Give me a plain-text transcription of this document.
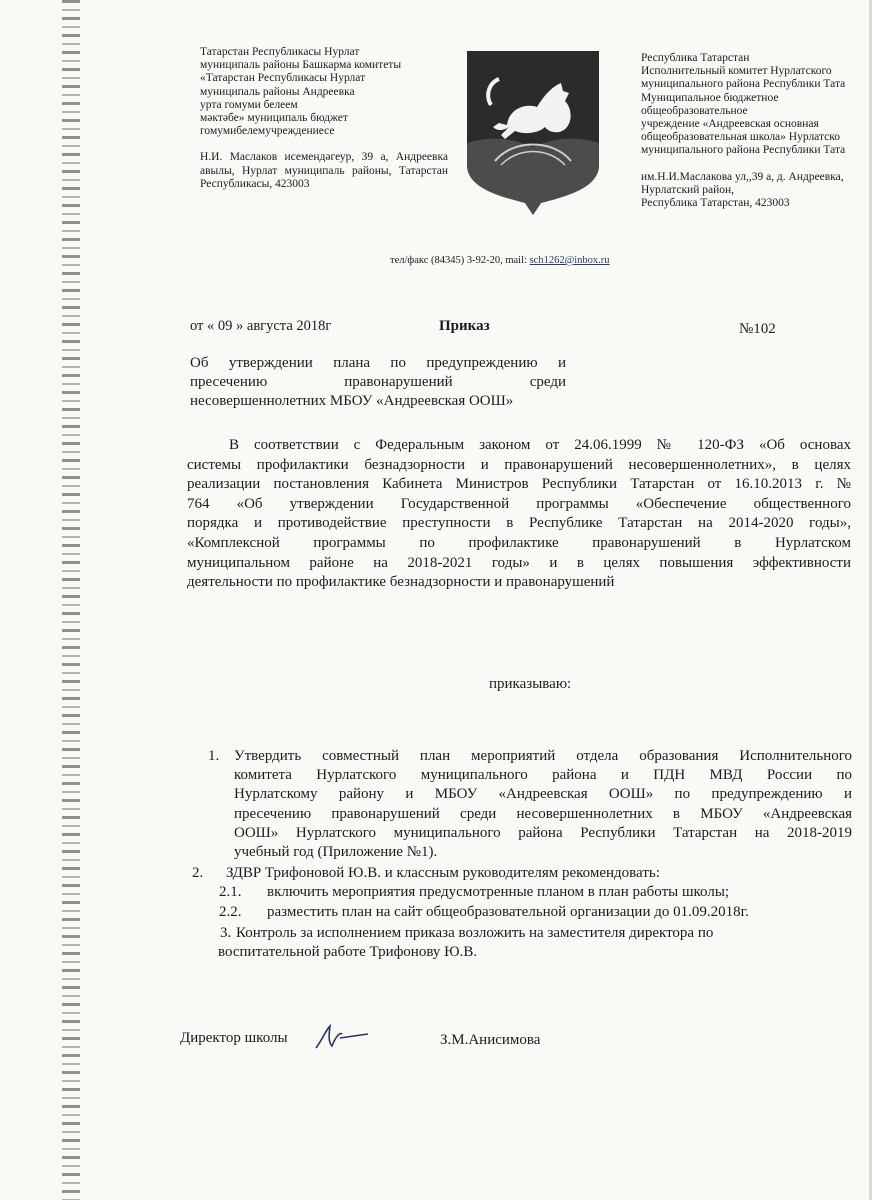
Татарстан Республикасы Нурлат
муниципаль районы Башкарма комитеты
«Татарстан Республикасы Нурлат
муниципаль районы Андреевка
урта гомуми белеем
мәктәбе» муниципаль бюджет
гомумибелемучреждениесе
Н.И. Маслаков исемендәгеур, 39 а, Андреевка авылы, Нурлат муниципаль районы, Татарстан Республикасы, 423003
Республика Татарстан
Исполнительный комитет Нурлатского
муниципального района Республики Тата
Муниципальное бюджетное
общеобразовательное
учреждение «Андреевская основная
общеобразовательная школа» Нурлатско
муниципального района Республики Тата
им.Н.И.Маслакова ул,,39 а, д. Андреевка,
Нурлатский район,
Республика Татарстан, 423003
тел/факс (84345) 3-92-20, mail: sch1262@inbox.ru
от « 09 » августа 2018г	Приказ	№102
Об утверждении плана по предупреждению и
пресечению правонарушений среди
несовершеннолетних МБОУ «Андреевская ООШ»
В соответствии с Федеральным законом от 24.06.1999 № 120-ФЗ «Об основах
системы профилактики безнадзорности и правонарушений несовершеннолетних», в целях
реализации постановления Кабинета Министров Республики Татарстан от 16.10.2013 г. №
764 «Об утверждении Государственной программы «Обеспечение общественного
порядка и противодействие преступности в Республике Татарстан на 2014-2020 годы»,
«Комплексной программы по профилактике правонарушений в Нурлатском
муниципальном районе на 2018-2021 годы» и в целях повышения эффективности
деятельности по профилактике безнадзорности и правонарушений
приказываю:
1. Утвердить совместный план мероприятий отдела образования Исполнительного
комитета Нурлатского муниципального района и ПДН МВД России по
Нурлатскому району и МБОУ «Андреевская ООШ» по предупреждению и
пресечению правонарушений среди несовершеннолетних в МБОУ «Андреевская
ООШ» Нурлатского муниципального района Республики Татарстан на 2018-2019
учебный год (Приложение №1).
2.	ЗДВР Трифоновой Ю.В. и классным руководителям рекомендовать:
2.1. включить мероприятия предусмотренные планом в план работы школы;
2.2. разместить план на сайт общеобразовательной организации до 01.09.2018г.
3. Контроль за исполнением приказа возложить на заместителя директора по
воспитательной работе Трифонову Ю.В.
Директор школы	З.М.Анисимова
